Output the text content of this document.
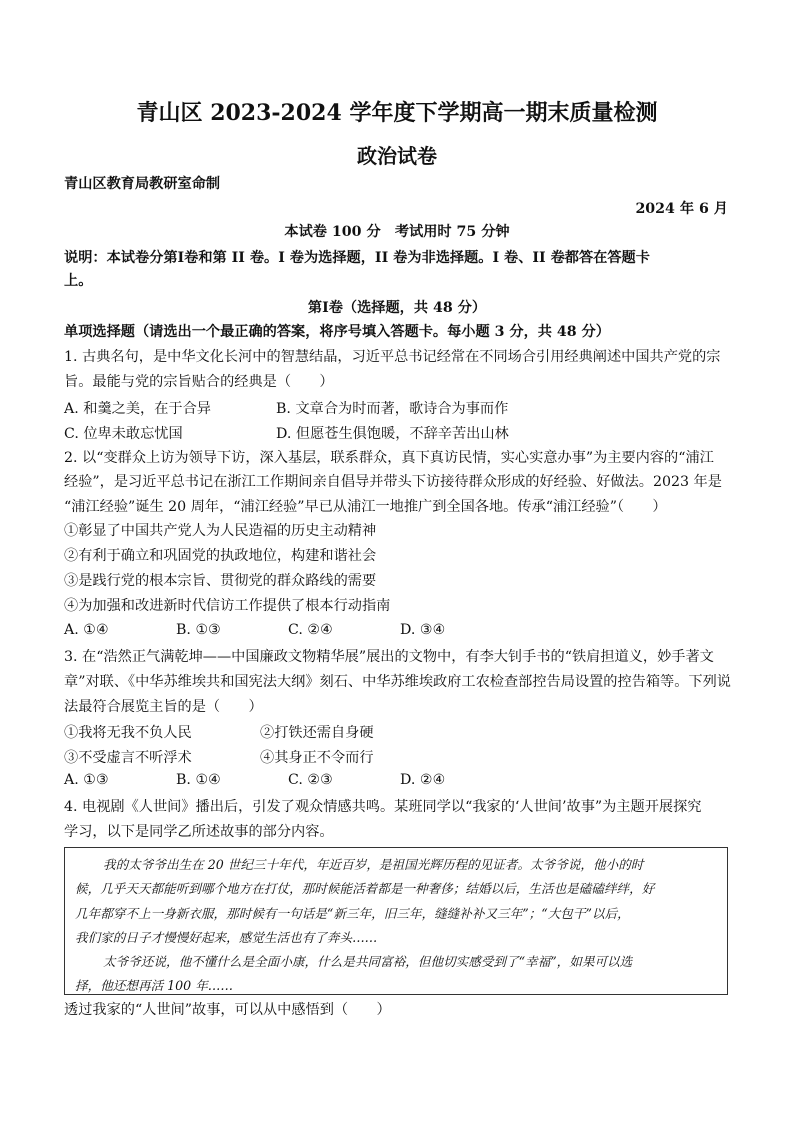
青山区 2023-2024 学年度下学期高一期末质量检测
政治试卷
青山区教育局教研室命制
2024 年 6 月
本试卷 100 分　考试用时 75 分钟
说明：本试卷分第Ⅰ卷和第 II 卷。I 卷为选择题，II 卷为非选择题。I 卷、II 卷都答在答题卡
上。
第Ⅰ卷（选择题，共 48 分）
单项选择题（请选出一个最正确的答案，将序号填入答题卡。每小题 3 分，共 48 分）
1. 古典名句，是中华文化长河中的智慧结晶，习近平总书记经常在不同场合引用经典阐述中国共产党的宗
旨。最能与党的宗旨贴合的经典是（　　）
A. 和羹之美，在于合异	B. 文章合为时而著，歌诗合为事而作
C. 位卑未敢忘忧国	D. 但愿苍生俱饱暖，不辞辛苦出山林
2. 以“变群众上访为领导下访，深入基层，联系群众，真下真访民情，实心实意办事”为主要内容的“浦江
经验”，是习近平总书记在浙江工作期间亲自倡导并带头下访接待群众形成的好经验、好做法。2023 年是
“浦江经验”诞生 20 周年，“浦江经验”早已从浦江一地推广到全国各地。传承“浦江经验”（　　）
①彰显了中国共产党人为人民造福的历史主动精神
②有利于确立和巩固党的执政地位，构建和谐社会
③是践行党的根本宗旨、贯彻党的群众路线的需要
④为加强和改进新时代信访工作提供了根本行动指南
A. ①④	B. ①③	C. ②④	D. ③④
3. 在“浩然正气满乾坤——中国廉政文物精华展”展出的文物中，有李大钊手书的“铁肩担道义，妙手著文
章”对联、《中华苏维埃共和国宪法大纲》刻石、中华苏维埃政府工农检查部控告局设置的控告箱等。下列说
法最符合展览主旨的是（　　）
①我将无我不负人民	②打铁还需自身硬
③不受虚言不听浮术	④其身正不令而行
A. ①③	B. ①④	C. ②③	D. ②④
4. 电视剧《人世间》播出后，引发了观众情感共鸣。某班同学以“我家的‘人世间’故事”为主题开展探究
学习，以下是同学乙所述故事的部分内容。
我的太爷爷出生在 20 世纪三十年代，年近百岁，是祖国光辉历程的见证者。太爷爷说，他小的时
候，几乎天天都能听到哪个地方在打仗，那时候能活着都是一种奢侈；结婚以后，生活也是磕磕绊绊，好
几年都穿不上一身新衣服，那时候有一句话是“新三年，旧三年，缝缝补补又三年”；“大包干”以后，
我们家的日子才慢慢好起来，感觉生活也有了奔头……
太爷爷还说，他不懂什么是全面小康，什么是共同富裕，但他切实感受到了“幸福”，如果可以选
择，他还想再活 100 年……
透过我家的“人世间”故事，可以从中感悟到（　　）
